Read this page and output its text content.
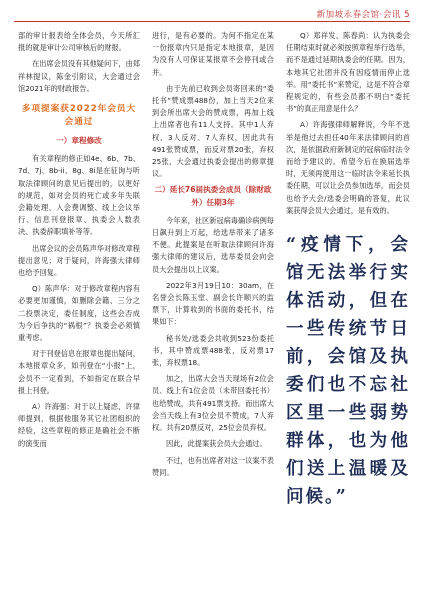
新加坡永春会馆·会讯 5

部的审计报表给全体会员，今天所汇报的就是审计公司审核后的财报。

在出席会员没有其他疑问下，由郑祥林提议，陈金引附议，大会通过会馆2021年的财政报告。

多项提案获2022年会员大会通过
一）章程修改

有关章程的修正如4e、6b、7b、7d、7j、8b-ii、8g、8i是在征询与听取法律顾问的意见后提出的，以更好的规范，如对会员的死亡或多年失联会籍处理、入会费调整、线上会议举行、信息刊登报章、执委会人数表决、执委辞职填补等等。

出席会议的会员陈声华对修改章程提出意见；对于疑问，许海强大律师也给予回复。

Q）陈声华：对于修改章程内容有必要更加谨慎，如删除会籍、三分之二投票决定，委任制度，这些会否成为今后争执的“祸根”？执委会必须慎重考虑。

对于刊登信息在报章也提出疑问，本地报章众多，如刊登在“小报”上，会员不一定看到，不如指定在联合早报上刊登。

A）许海强：对于以上疑虑，许律师提到，根据他服务其它社团组织的经验，这些章程的修正是确社会不断的演变而

进行，是有必要的。为何不指定在某一份报章内只是指定本地报章，是因为没有人可保证某报章不会停刊或合并。

由于先前已收到会员寄回来的“委托书”赞成票488份，加上当天2位来到会所出席大会的赞成票，再加上线上出席者也有11人支持。其中1人弃权、3人反对、7人弃权，因此共有491张赞成票，而反对票20张，弃权25张，大会通过执委会提出的修章提议。

二）延长76届执委会成员（除财政外）任期3年

今年来，社区新冠病毒确诊病例每日飙升到上万起，给选举带来了诸多不便。此提案是在听取法律顾问许海强大律师的建议后，选举委员会向会员大会提出以上议案。

2022年3月19日10：30am，在名誉会长陈玉堂、副会长许顺兴的监票下，计算收到的书面的委托书，结果如下：

秘书处/选委会共收到523份委托书，其中赞成票488张，反对票17张，弃权票18。

加之，出席大会当天现场有2位会员、线上有1位会员（未带回委托书）也给赞成，共有491票支持。而出席大会当天线上有3位会员不赞成，7人弃权。共有20票反对，25位会员弃权。

因此，此提案获会员大会通过。

不过，也有出席者对这一议案不表赞同。

Q）郑祥发、陈春尚：认为执委会任期结束时就必须按照章程举行选举，而不是通过延期执委会的任期。因为，本地其它社团并没有因疫情而停止选举。用“委托书”来赞定，这是不符合章程规定的，有些会员都不明白“委托书”的真正用意是什么？

A）许海强律师解释说，今年不选举是他过去担任40年来法律顾问的首次，是依据政府新制定的冠病临时法令而给予建议的。希望今后在换届选举时，无须再使用这一临时法令来延长执委任期，可以让会员参加选举，而会员也给予大会/选委会明确的答复，此议案获得会员大会通过，是有效的。

“疫情下，会馆无法举行实体活动，但在一些传统节日前，会馆及执委们也不忘社区里一些弱势群体，也为他们送上温暖及问候。”
